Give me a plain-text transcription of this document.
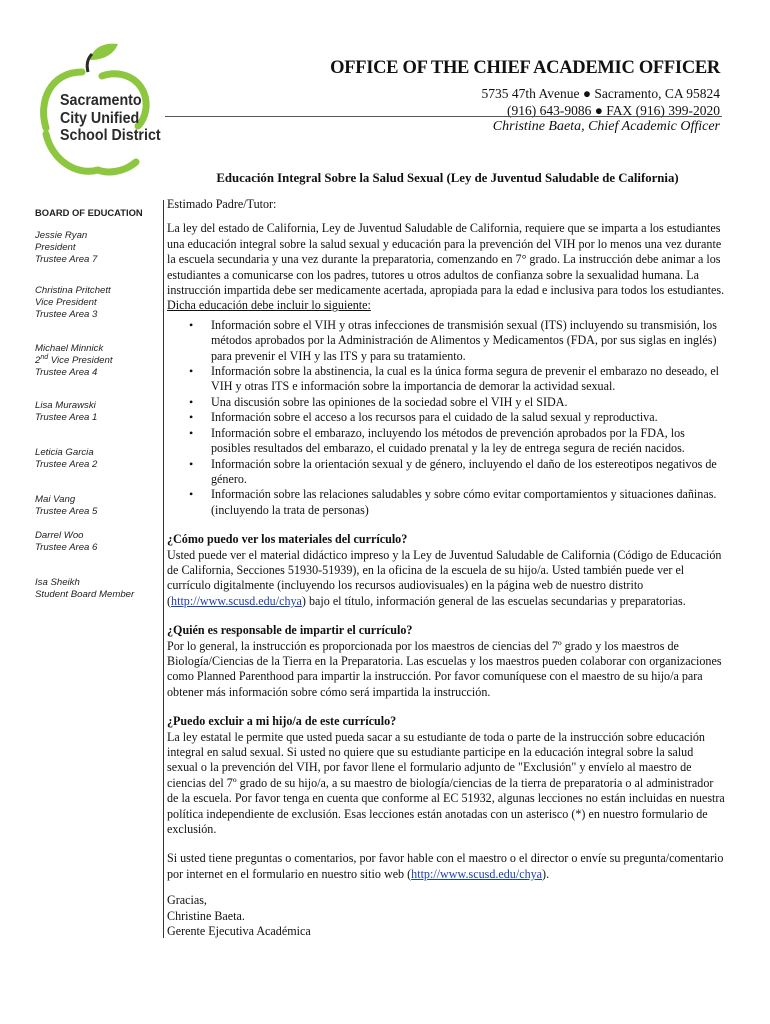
Sacramento
City Unified
School District
OFFICE OF THE CHIEF ACADEMIC OFFICER
5735 47th Avenue ● Sacramento, CA 95824
(916) 643-9086 ● FAX (916) 399-2020
Christine Baeta, Chief Academic Officer
Educación Integral Sobre la Salud Sexual (Ley de Juventud Saludable de California)
BOARD OF EDUCATION
Jessie Ryan
President
Trustee Area 7
Christina Pritchett
Vice President
Trustee Area 3
Michael Minnick
2nd Vice President
Trustee Area 4
Lisa Murawski
Trustee Area 1
Leticia Garcia
Trustee Area 2
Mai Vang
Trustee Area 5
Darrel Woo
Trustee Area 6
Isa Sheikh
Student Board Member

Estimado Padre/Tutor:

La ley del estado de California, Ley de Juventud Saludable de California, requiere que se imparta a los estudiantes una educación integral sobre la salud sexual y educación para la prevención del VIH por lo menos una vez durante la escuela secundaria y una vez durante la preparatoria, comenzando en 7° grado. La instrucción debe animar a los estudiantes a comunicarse con los padres, tutores u otros adultos de confianza sobre la sexualidad humana. La instrucción impartida debe ser medicamente acertada, apropiada para la edad e inclusiva para todos los estudiantes. Dicha educación debe incluir lo siguiente:

• Información sobre el VIH y otras infecciones de transmisión sexual (ITS) incluyendo su transmisión, los métodos aprobados por la Administración de Alimentos y Medicamentos (FDA, por sus siglas en inglés) para prevenir el VIH y las ITS y para su tratamiento.
• Información sobre la abstinencia, la cual es la única forma segura de prevenir el embarazo no deseado, el VIH y otras ITS e información sobre la importancia de demorar la actividad sexual.
• Una discusión sobre las opiniones de la sociedad sobre el VIH y el SIDA.
• Información sobre el acceso a los recursos para el cuidado de la salud sexual y reproductiva.
• Información sobre el embarazo, incluyendo los métodos de prevención aprobados por la FDA, los posibles resultados del embarazo, el cuidado prenatal y la ley de entrega segura de recién nacidos.
• Información sobre la orientación sexual y de género, incluyendo el daño de los estereotipos negativos de género.
• Información sobre las relaciones saludables y sobre cómo evitar comportamientos y situaciones dañinas. (incluyendo la trata de personas)

¿Cómo puedo ver los materiales del currículo?

Usted puede ver el material didáctico impreso y la Ley de Juventud Saludable de California (Código de Educación de California, Secciones 51930-51939), en la oficina de la escuela de su hijo/a. Usted también puede ver el currículo digitalmente (incluyendo los recursos audiovisuales) en la página web de nuestro distrito (http://www.scusd.edu/chya) bajo el título, información general de las escuelas secundarias y preparatorias.

¿Quién es responsable de impartir el currículo?

Por lo general, la instrucción es proporcionada por los maestros de ciencias del 7º grado y los maestros de Biología/Ciencias de la Tierra en la Preparatoria. Las escuelas y los maestros pueden colaborar con organizaciones como Planned Parenthood para impartir la instrucción. Por favor comuníquese con el maestro de su hijo/a para obtener más información sobre cómo será impartida la instrucción.

¿Puedo excluir a mi hijo/a de este currículo?

La ley estatal le permite que usted pueda sacar a su estudiante de toda o parte de la instrucción sobre educación integral en salud sexual. Si usted no quiere que su estudiante participe en la educación integral sobre la salud sexual o la prevención del VIH, por favor llene el formulario adjunto de "Exclusión" y envíelo al maestro de ciencias del 7º grado de su hijo/a, a su maestro de biología/ciencias de la tierra de preparatoria o al administrador de la escuela. Por favor tenga en cuenta que conforme al EC 51932, algunas lecciones no están incluidas en nuestra política independiente de exclusión. Esas lecciones están anotadas con un asterisco (*) en nuestro formulario de exclusión.

Si usted tiene preguntas o comentarios, por favor hable con el maestro o el director o envíe su pregunta/comentario por internet en el formulario en nuestro sitio web (http://www.scusd.edu/chya).

Gracias,

Christine Baeta.

Gerente Ejecutiva Académica
